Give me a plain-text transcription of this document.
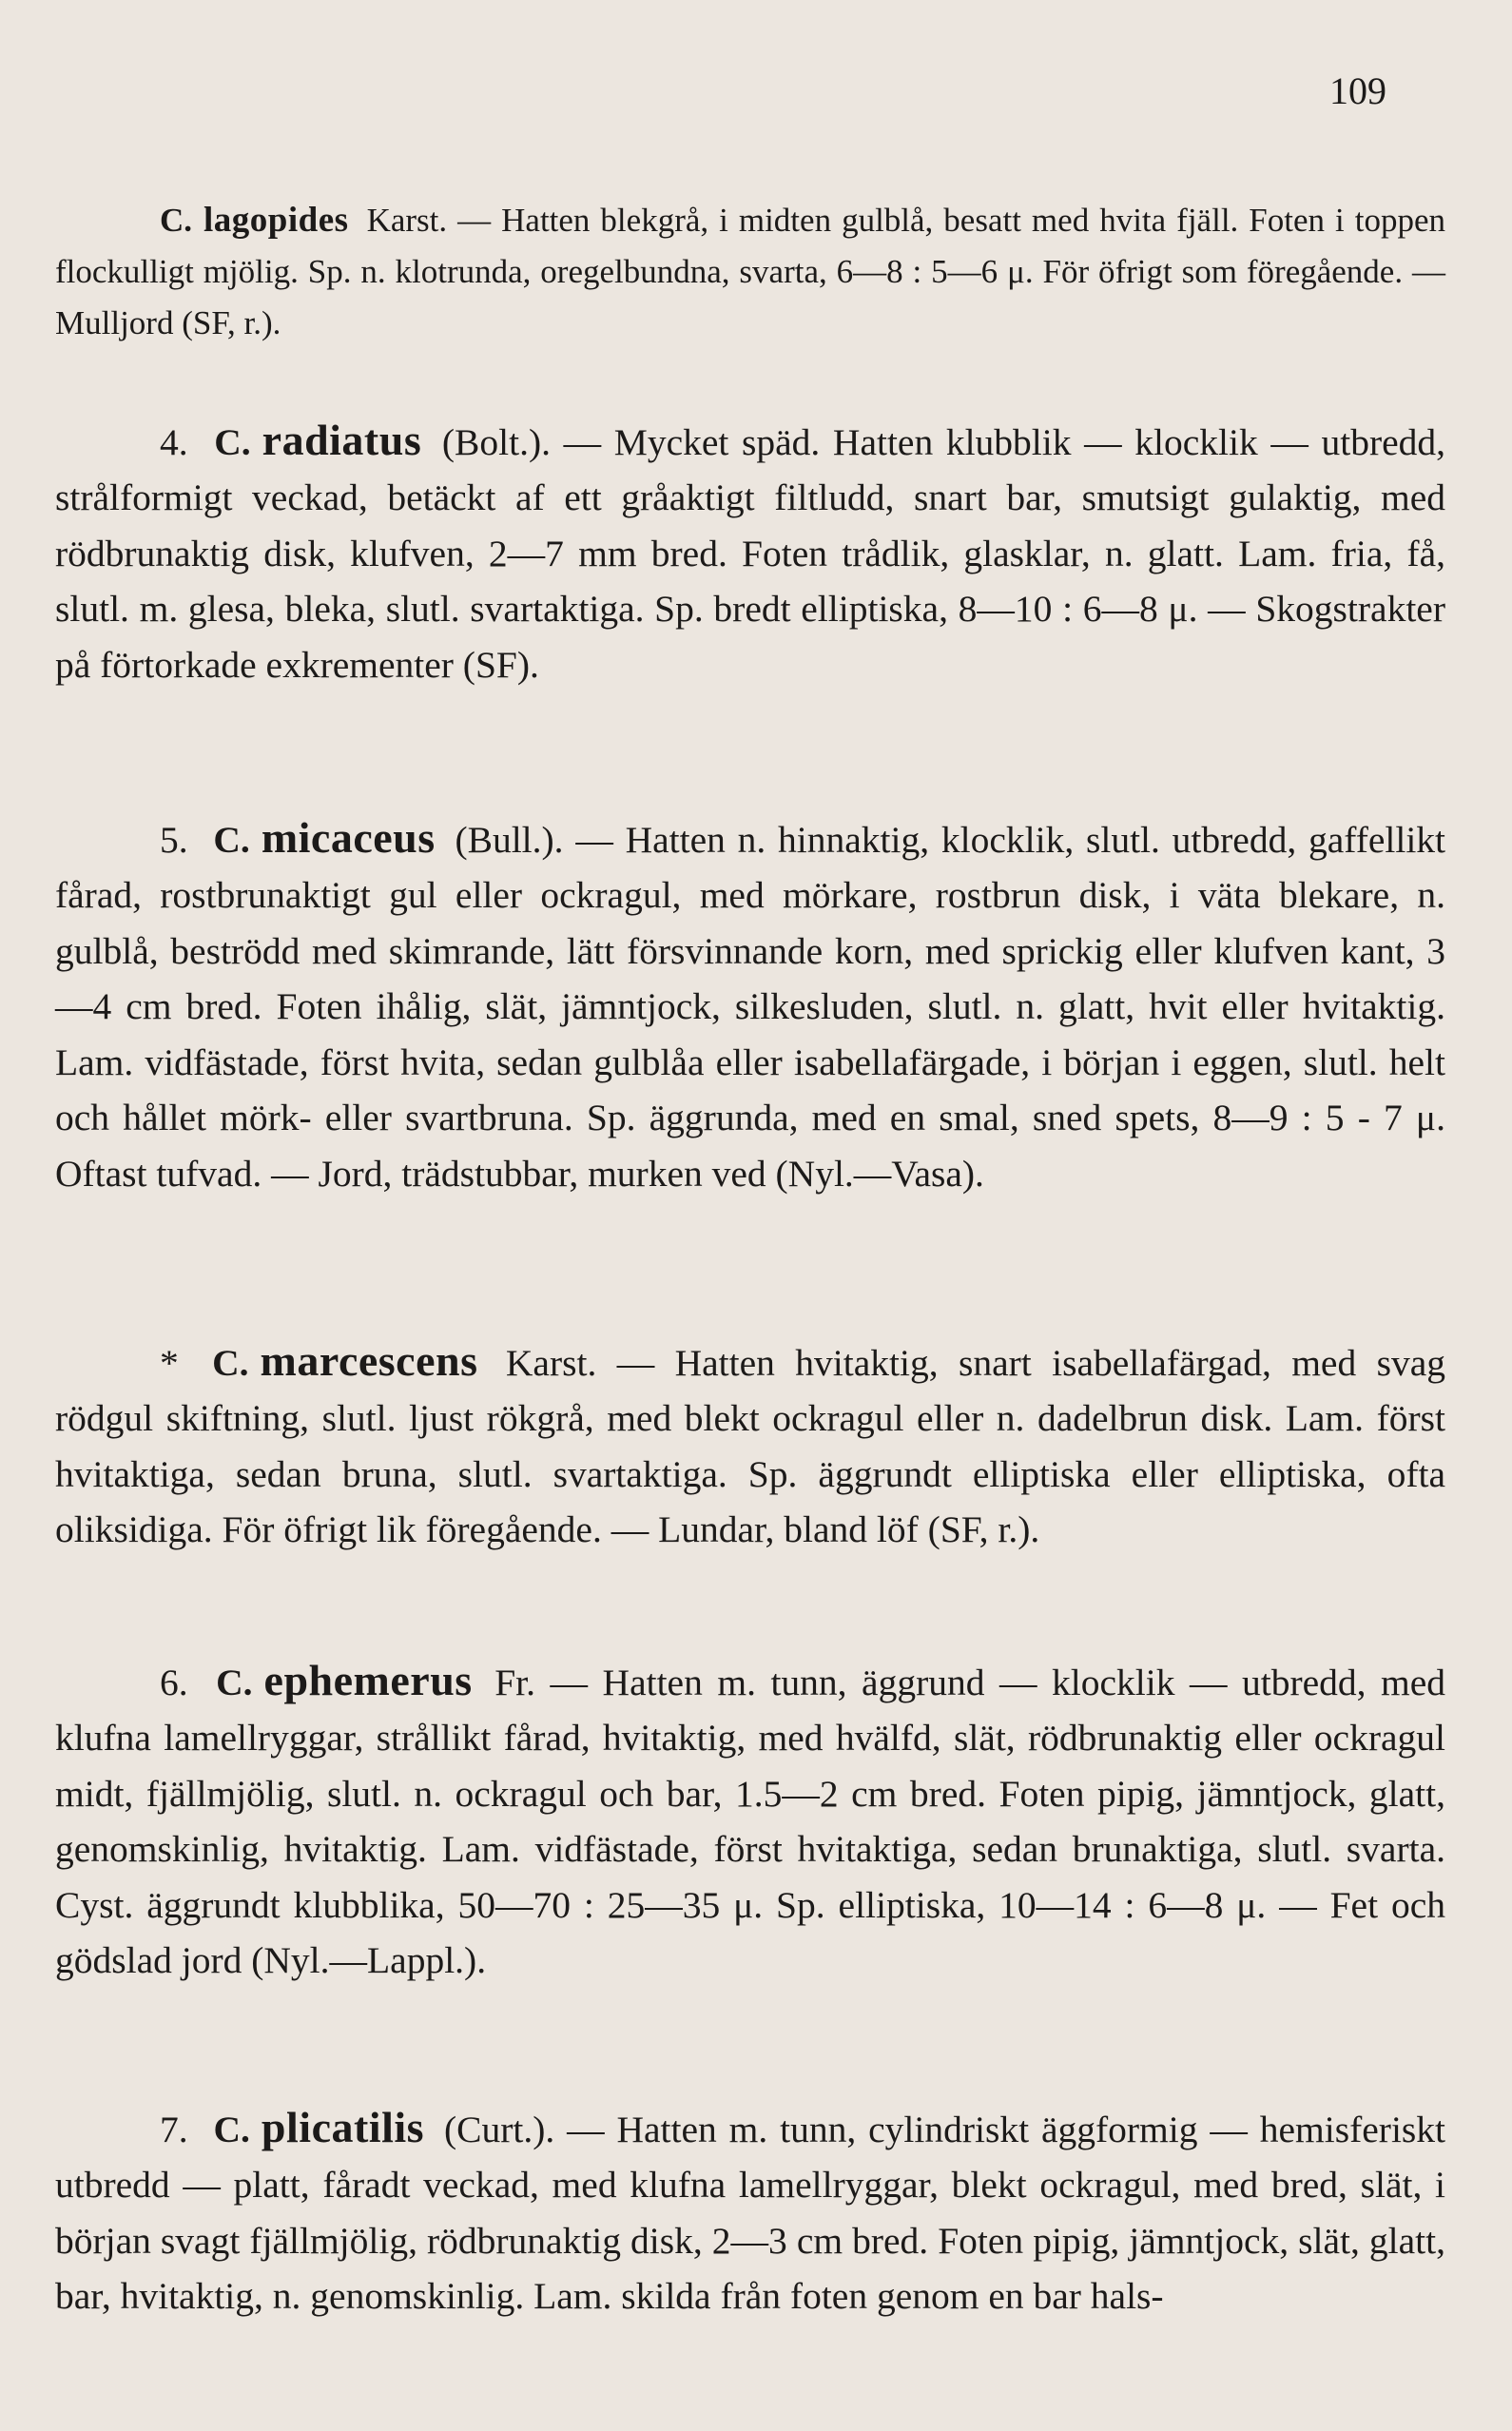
109

C. lagopides Karst. — Hatten blekgrå, i midten gulblå, besatt med hvita fjäll. Foten i toppen flockulligt mjölig. Sp. n. klotrunda, oregelbundna, svarta, 6—8 : 5—6 μ. För öfrigt som föregående. — Mulljord (SF, r.).

4. C. radiatus (Bolt.). — Mycket späd. Hatten klubblik — klocklik — utbredd, strålformigt veckad, betäckt af ett gråaktigt filtludd, snart bar, smutsigt gulaktig, med rödbrunaktig disk, klufven, 2—7 mm bred. Foten trådlik, glasklar, n. glatt. Lam. fria, få, slutl. m. glesa, bleka, slutl. svartaktiga. Sp. bredt elliptiska, 8—10 : 6—8 μ. — Skogstrakter på förtorkade exkrementer (SF).

5. C. micaceus (Bull.). — Hatten n. hinnaktig, klocklik, slutl. utbredd, gaffellikt fårad, rostbrunaktigt gul eller ockragul, med mörkare, rostbrun disk, i väta blekare, n. gulblå, beströdd med skimrande, lätt försvinnande korn, med sprickig eller klufven kant, 3—4 cm bred. Foten ihålig, slät, jämntjock, silkesluden, slutl. n. glatt, hvit eller hvitaktig. Lam. vidfästade, först hvita, sedan gulblåa eller isabellafärgade, i början i eggen, slutl. helt och hållet mörk- eller svartbruna. Sp. äggrunda, med en smal, sned spets, 8—9 : 5 - 7 μ. Oftast tufvad. — Jord, trädstubbar, murken ved (Nyl.—Vasa).

* C. marcescens Karst. — Hatten hvitaktig, snart isabellafärgad, med svag rödgul skiftning, slutl. ljust rökgrå, med blekt ockragul eller n. dadelbrun disk. Lam. först hvitaktiga, sedan bruna, slutl. svartaktiga. Sp. äggrundt elliptiska eller elliptiska, ofta oliksidiga. För öfrigt lik föregående. — Lundar, bland löf (SF, r.).

6. C. ephemerus Fr. — Hatten m. tunn, äggrund — klocklik — utbredd, med klufna lamellryggar, strållikt fårad, hvitaktig, med hvälfd, slät, rödbrunaktig eller ockragul midt, fjällmjölig, slutl. n. ockragul och bar, 1.5—2 cm bred. Foten pipig, jämntjock, glatt, genomskinlig, hvitaktig. Lam. vidfästade, först hvitaktiga, sedan brunaktiga, slutl. svarta. Cyst. äggrundt klubblika, 50—70 : 25—35 μ. Sp. elliptiska, 10—14 : 6—8 μ. — Fet och gödslad jord (Nyl.—Lappl.).

7. C. plicatilis (Curt.). — Hatten m. tunn, cylindriskt äggformig — hemisferiskt utbredd — platt, fåradt veckad, med klufna lamellryggar, blekt ockragul, med bred, slät, i början svagt fjällmjölig, rödbrunaktig disk, 2—3 cm bred. Foten pipig, jämntjock, slät, glatt, bar, hvitaktig, n. genomskinlig. Lam. skilda från foten genom en bar hals-
